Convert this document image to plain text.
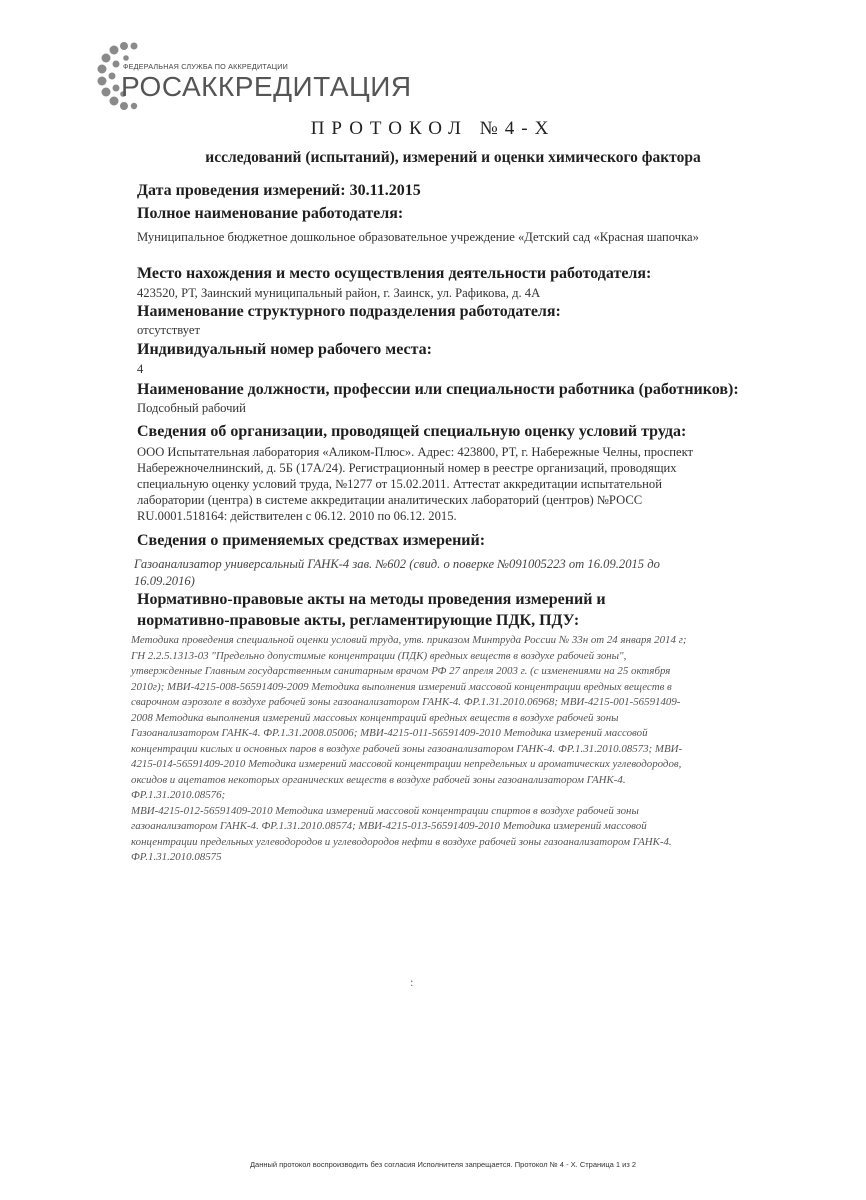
ФЕДЕРАЛЬНАЯ СЛУЖБА ПО АККРЕДИТАЦИИ
РОСАККРЕДИТАЦИЯ
ПРОТОКОЛ №4-Х
исследований (испытаний), измерений и оценки химического фактора
Дата проведения измерений: 30.11.2015
Полное наименование работодателя:
Муниципальное бюджетное дошкольное образовательное учреждение «Детский сад «Красная шапочка»
Место нахождения и место осуществления деятельности работодателя:
423520, РТ, Заинский муниципальный район, г. Заинск, ул. Рафикова, д. 4А
Наименование структурного подразделения работодателя:
отсутствует
Индивидуальный номер рабочего места:
4
Наименование должности, профессии или специальности работника (работников):
Подсобный рабочий
Сведения об организации, проводящей специальную оценку условий труда:
ООО Испытательная лаборатория «Аликом-Плюс». Адрес: 423800, РТ, г. Набережные Челны, проспект
Набережночелнинский, д. 5Б (17А/24). Регистрационный номер в реестре организаций, проводящих
специальную оценку условий труда, №1277 от 15.02.2011. Аттестат аккредитации испытательной
лаборатории (центра) в системе аккредитации аналитических лабораторий (центров) №РОСС
RU.0001.518164: действителен с 06.12. 2010 по 06.12. 2015.
Сведения о применяемых средствах измерений:
Газоанализатор универсальный ГАНК-4 зав. №602 (свид. о поверке №091005223 от 16.09.2015 до
16.09.2016)
Нормативно-правовые акты на методы проведения измерений и
нормативно-правовые акты, регламентирующие ПДК, ПДУ:
Методика проведения специальной оценки условий труда, утв. приказом Минтруда России № 33н от 24 января 2014 г;
ГН 2.2.5.1313-03 "Предельно допустимые концентрации (ПДК) вредных веществ в воздухе рабочей зоны",
утвержденные Главным государственным санитарным врачом РФ 27 апреля 2003 г. (с изменениями на 25 октября
2010г); МВИ-4215-008-56591409-2009 Методика выполнения измерений массовой концентрации вредных веществ в
сварочном аэрозоле в воздухе рабочей зоны газоанализатором ГАНК-4. ФР.1.31.2010.06968; МВИ-4215-001-56591409-
2008 Методика выполнения измерений массовых концентраций вредных веществ в воздухе рабочей зоны
Газоанализатором ГАНК-4. ФР.1.31.2008.05006; МВИ-4215-011-56591409-2010 Методика измерений массовой
концентрации кислых и основных паров в воздухе рабочей зоны газоанализатором ГАНК-4. ФР.1.31.2010.08573; МВИ-
4215-014-56591409-2010 Методика измерений массовой концентрации непредельных и ароматических углеводородов,
оксидов и ацетатов некоторых органических веществ в воздухе рабочей зоны газоанализатором ГАНК-4.
ФР.1.31.2010.08576;
МВИ-4215-012-56591409-2010 Методика измерений массовой концентрации спиртов в воздухе рабочей зоны
газоанализатором ГАНК-4. ФР.1.31.2010.08574; МВИ-4215-013-56591409-2010 Методика измерений массовой
концентрации предельных углеводородов и углеводородов нефти в воздухе рабочей зоны газоанализатором ГАНК-4.
ФР.1.31.2010.08575
:
Данный протокол воспроизводить без согласия Исполнителя запрещается. Протокол № 4 - Х. Страница 1 из 2
